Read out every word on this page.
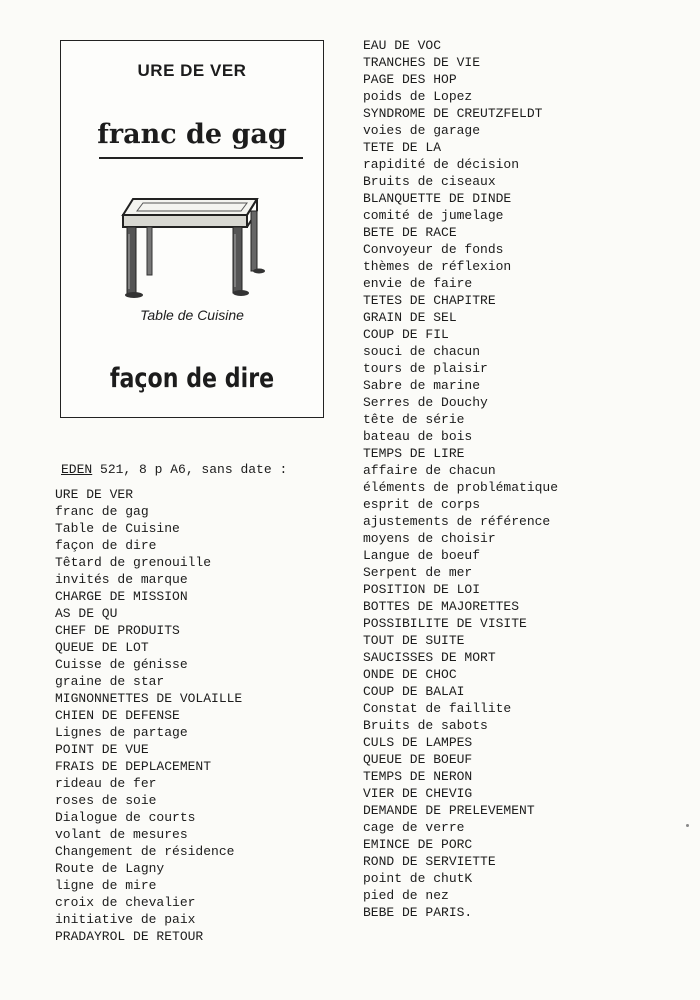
URE DE VER
franc de gag
Table de Cuisine
façon de dire
EDEN 521, 8 p A6, sans date :
URE DE VER
franc de gag
Table de Cuisine
façon de dire
Têtard de grenouille
invités de marque
CHARGE DE MISSION
AS DE QU
CHEF DE PRODUITS
QUEUE DE LOT
Cuisse de génisse
graine de star
MIGNONNETTES DE VOLAILLE
CHIEN DE DEFENSE
Lignes de partage
POINT DE VUE
FRAIS DE DEPLACEMENT
rideau de fer
roses de soie
Dialogue de courts
volant de mesures
Changement de résidence
Route de Lagny
ligne de mire
croix de chevalier
initiative de paix
PRADAYROL DE RETOUR
EAU DE VOC
TRANCHES DE VIE
PAGE DES HOP
poids de Lopez
SYNDROME DE CREUTZFELDT
voies de garage
TETE DE LA
rapidité de décision
Bruits de ciseaux
BLANQUETTE DE DINDE
comité de jumelage
BETE DE RACE
Convoyeur de fonds
thèmes de réflexion
envie de faire
TETES DE CHAPITRE
GRAIN DE SEL
COUP DE FIL
souci de chacun
tours de plaisir
Sabre de marine
Serres de Douchy
tête de série
bateau de bois
TEMPS DE LIRE
affaire de chacun
éléments de problématique
esprit de corps
ajustements de référence
moyens de choisir
Langue de boeuf
Serpent de mer
POSITION DE LOI
BOTTES DE MAJORETTES
POSSIBILITE DE VISITE
TOUT DE SUITE
SAUCISSES DE MORT
ONDE DE CHOC
COUP DE BALAI
Constat de faillite
Bruits de sabots
CULS DE LAMPES
QUEUE DE BOEUF
TEMPS DE NERON
VIER DE CHEVIG
DEMANDE DE PRELEVEMENT
cage de verre
EMINCE DE PORC
ROND DE SERVIETTE
point de chutK
pied de nez
BEBE DE PARIS.
